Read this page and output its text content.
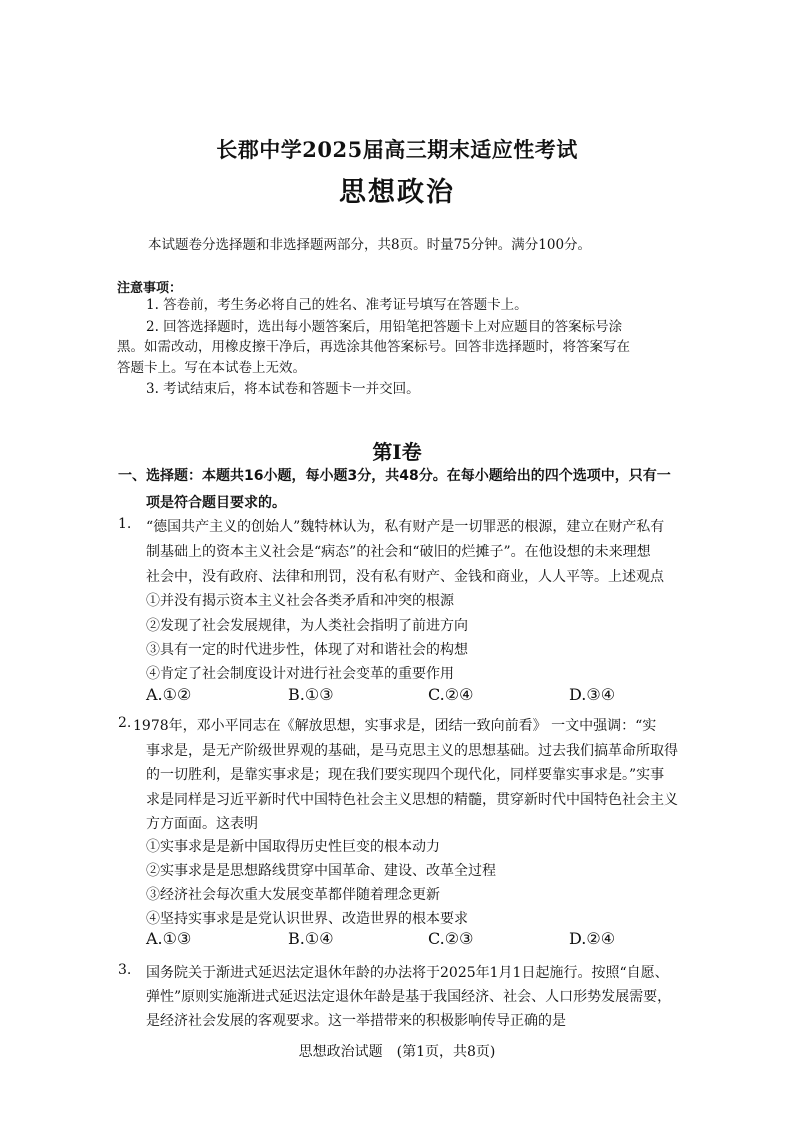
长郡中学2025届高三期末适应性考试
思想政治
本试题卷分选择题和非选择题两部分，共8页。时量75分钟。满分100分。
注意事项：
1. 答卷前，考生务必将自己的姓名、准考证号填写在答题卡上。
2. 回答选择题时，选出每小题答案后，用铅笔把答题卡上对应题目的答案标号涂
黑。如需改动，用橡皮擦干净后，再选涂其他答案标号。回答非选择题时，将答案写在
答题卡上。写在本试卷上无效。
3. 考试结束后，将本试卷和答题卡一并交回。
第I卷
一、选择题：本题共16小题，每小题3分，共48分。在每小题给出的四个选项中，只有一
项是符合题目要求的。
1. “德国共产主义的创始人”魏特林认为，私有财产是一切罪恶的根源，建立在财产私有
制基础上的资本主义社会是“病态”的社会和“破旧的烂摊子”。在他设想的未来理想
社会中，没有政府、法律和刑罚，没有私有财产、金钱和商业，人人平等。上述观点
①并没有揭示资本主义社会各类矛盾和冲突的根源
②发现了社会发展规律，为人类社会指明了前进方向
③具有一定的时代进步性，体现了对和谐社会的构想
④肯定了社会制度设计对进行社会变革的重要作用
A.①②	B.①③	C.②④	D.③④
2. 1978年，邓小平同志在《解放思想，实事求是，团结一致向前看》 一文中强调：“实
事求是，是无产阶级世界观的基础，是马克思主义的思想基础。过去我们搞革命所取得
的一切胜利，是靠实事求是；现在我们要实现四个现代化，同样要靠实事求是。”实事
求是同样是习近平新时代中国特色社会主义思想的精髓，贯穿新时代中国特色社会主义
方方面面。这表明
①实事求是是新中国取得历史性巨变的根本动力
②实事求是是思想路线贯穿中国革命、建设、改革全过程
③经济社会每次重大发展变革都伴随着理念更新
④坚持实事求是是党认识世界、改造世界的根本要求
A.①③	B.①④	C.②③	D.②④
3. 国务院关于渐进式延迟法定退休年龄的办法将于2025年1月1日起施行。按照“自愿、
弹性”原则实施渐进式延迟法定退休年龄是基于我国经济、社会、人口形势发展需要，
是经济社会发展的客观要求。这一举措带来的积极影响传导正确的是
思想政治试题　(第1页，共8页)
